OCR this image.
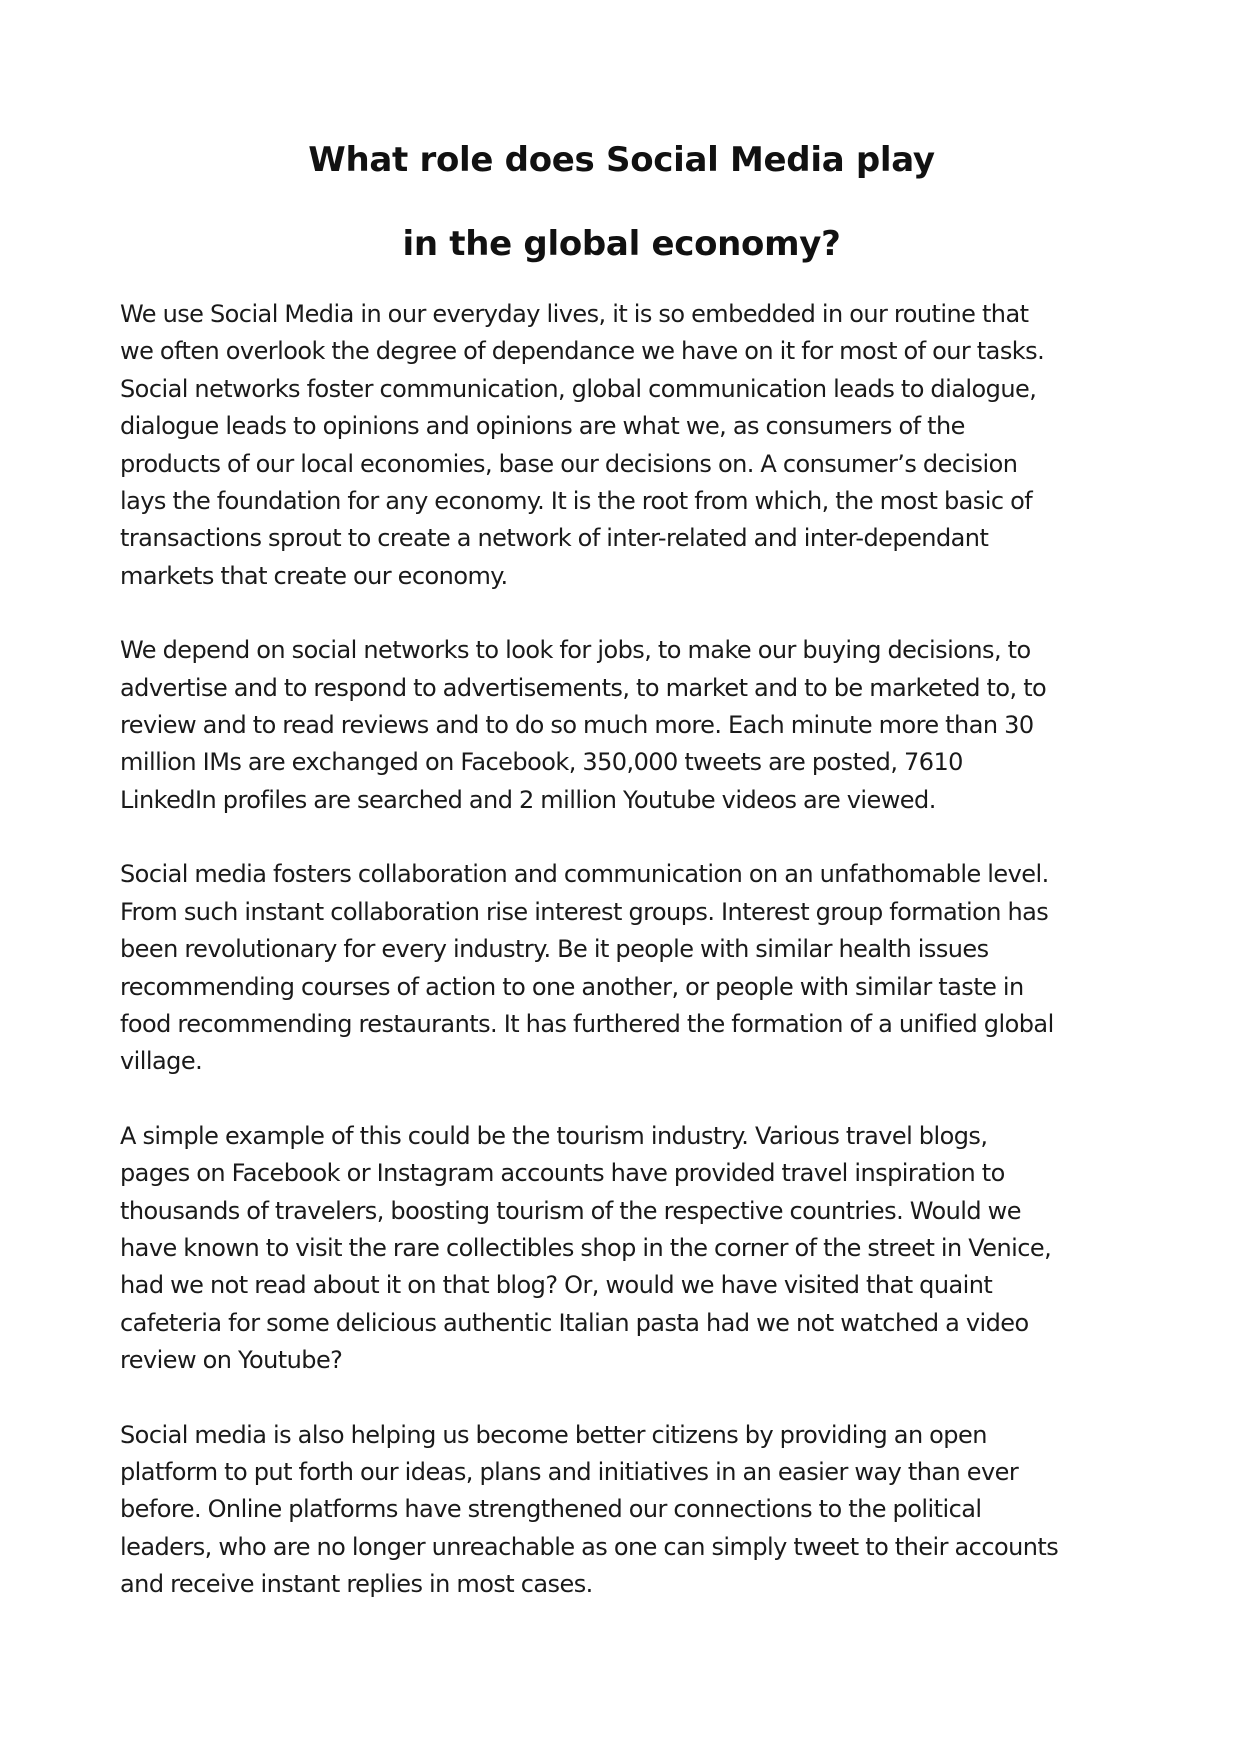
What role does Social Media play
in the global economy?

We use Social Media in our everyday lives, it is so embedded in our routine that
we often overlook the degree of dependance we have on it for most of our tasks.
Social networks foster communication, global communication leads to dialogue,
dialogue leads to opinions and opinions are what we, as consumers of the
products of our local economies, base our decisions on. A consumer’s decision
lays the foundation for any economy. It is the root from which, the most basic of
transactions sprout to create a network of inter-related and inter-dependant
markets that create our economy.

We depend on social networks to look for jobs, to make our buying decisions, to
advertise and to respond to advertisements, to market and to be marketed to, to
review and to read reviews and to do so much more. Each minute more than 30
million IMs are exchanged on Facebook, 350,000 tweets are posted, 7610
LinkedIn profiles are searched and 2 million Youtube videos are viewed.

Social media fosters collaboration and communication on an unfathomable level.
From such instant collaboration rise interest groups. Interest group formation has
been revolutionary for every industry. Be it people with similar health issues
recommending courses of action to one another, or people with similar taste in
food recommending restaurants. It has furthered the formation of a unified global
village.

A simple example of this could be the tourism industry. Various travel blogs,
pages on Facebook or Instagram accounts have provided travel inspiration to
thousands of travelers, boosting tourism of the respective countries. Would we
have known to visit the rare collectibles shop in the corner of the street in Venice,
had we not read about it on that blog? Or, would we have visited that quaint
cafeteria for some delicious authentic Italian pasta had we not watched a video
review on Youtube?

Social media is also helping us become better citizens by providing an open
platform to put forth our ideas, plans and initiatives in an easier way than ever
before. Online platforms have strengthened our connections to the political
leaders, who are no longer unreachable as one can simply tweet to their accounts
and receive instant replies in most cases.
